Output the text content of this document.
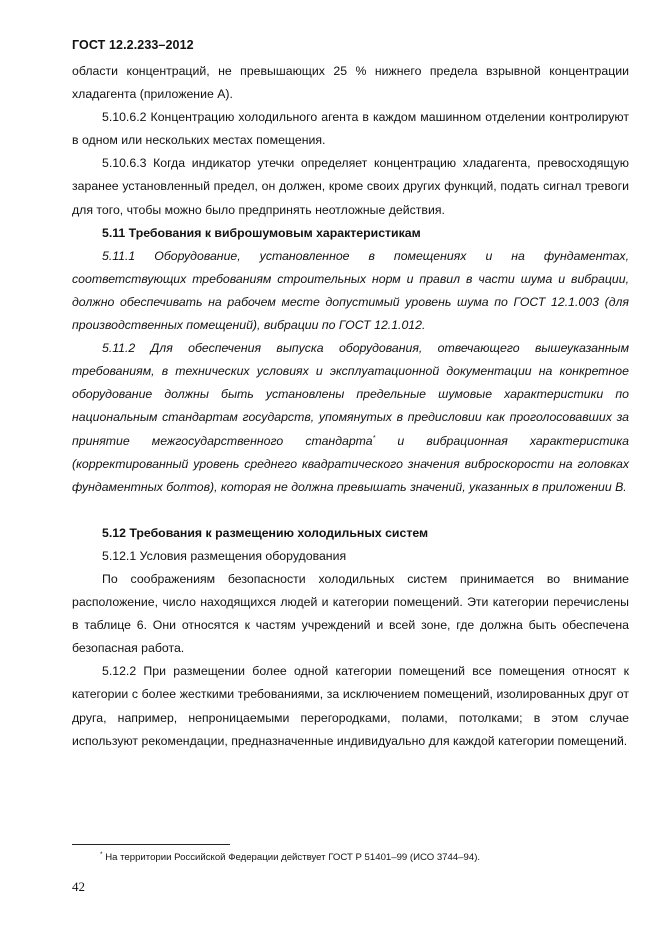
ГОСТ 12.2.233–2012

области концентраций, не превышающих 25 % нижнего предела взрывной концентрации хладагента (приложение А).

5.10.6.2 Концентрацию холодильного агента в каждом машинном отделении контролируют в одном или нескольких местах помещения.

5.10.6.3 Когда индикатор утечки определяет концентрацию хладагента, превосходящую заранее установленный предел, он должен, кроме своих других функций, подать сигнал тревоги для того, чтобы можно было предпринять неотложные действия.

5.11 Требования к виброшумовым характеристикам

5.11.1 Оборудование, установленное в помещениях и на фундаментах, соответствующих требованиям строительных норм и правил в части шума и вибрации, должно обеспечивать на рабочем месте допустимый уровень шума по ГОСТ 12.1.003 (для производственных помещений), вибрации по ГОСТ 12.1.012.

5.11.2 Для обеспечения выпуска оборудования, отвечающего вышеуказанным требованиям, в технических условиях и эксплуатационной документации на конкретное оборудование должны быть установлены предельные шумовые характеристики по национальным стандартам государств, упомянутых в предисловии как проголосовавших за принятие межгосударственного стандарта* и вибрационная характеристика (корректированный уровень среднего квадратического значения виброскорости на головках фундаментных болтов), которая не должна превышать значений, указанных в приложении В.

5.12 Требования к размещению холодильных систем

5.12.1 Условия размещения оборудования

По соображениям безопасности холодильных систем принимается во внимание расположение, число находящихся людей и категории помещений. Эти категории перечислены в таблице 6. Они относятся к частям учреждений и всей зоне, где должна быть обеспечена безопасная работа.

5.12.2 При размещении более одной категории помещений все помещения относят к категории с более жесткими требованиями, за исключением помещений, изолированных друг от друга, например, непроницаемыми перегородками, полами, потолками; в этом случае используют рекомендации, предназначенные индивидуально для каждой категории помещений.

* На территории Российской Федерации действует ГОСТ Р 51401–99 (ИСО 3744–94).
42
